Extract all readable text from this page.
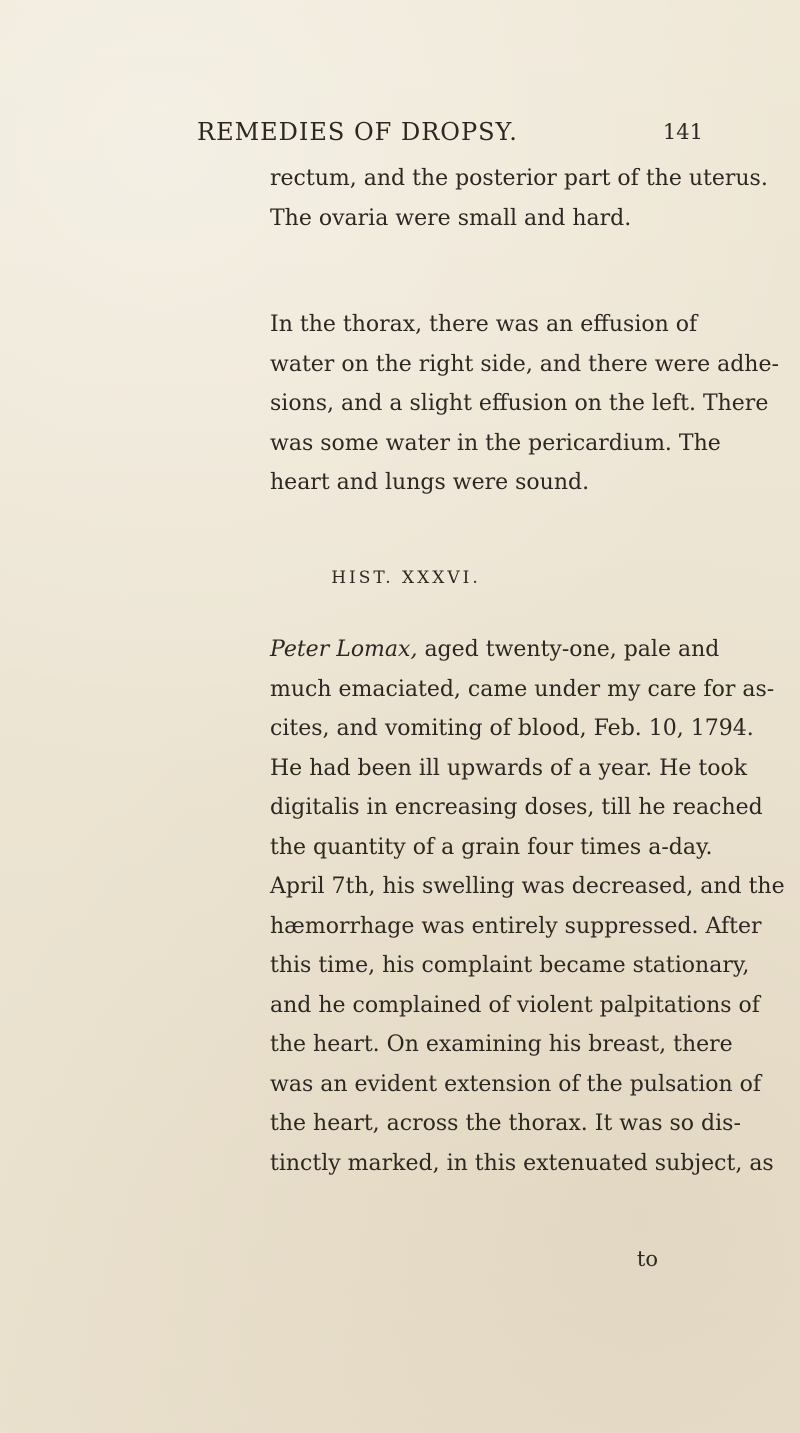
REMEDIES OF DROPSY.	141
rectum, and the posterior part of the uterus.
The ovaria were small and hard.
In the thorax, there was an effusion of
water on the right side, and there were adhe-
sions, and a slight effusion on the left. There
was some water in the pericardium. The
heart and lungs were sound.
HIST. XXXVI.
Peter Lomax, aged twenty-one, pale and
much emaciated, came under my care for as-
cites, and vomiting of blood, Feb. 10, 1794.
He had been ill upwards of a year. He took
digitalis in encreasing doses, till he reached
the quantity of a grain four times a-day.
April 7th, his swelling was decreased, and the
hæmorrhage was entirely suppressed. After
this time, his complaint became stationary,
and he complained of violent palpitations of
the heart. On examining his breast, there
was an evident extension of the pulsation of
the heart, across the thorax. It was so dis-
tinctly marked, in this extenuated subject, as
to
